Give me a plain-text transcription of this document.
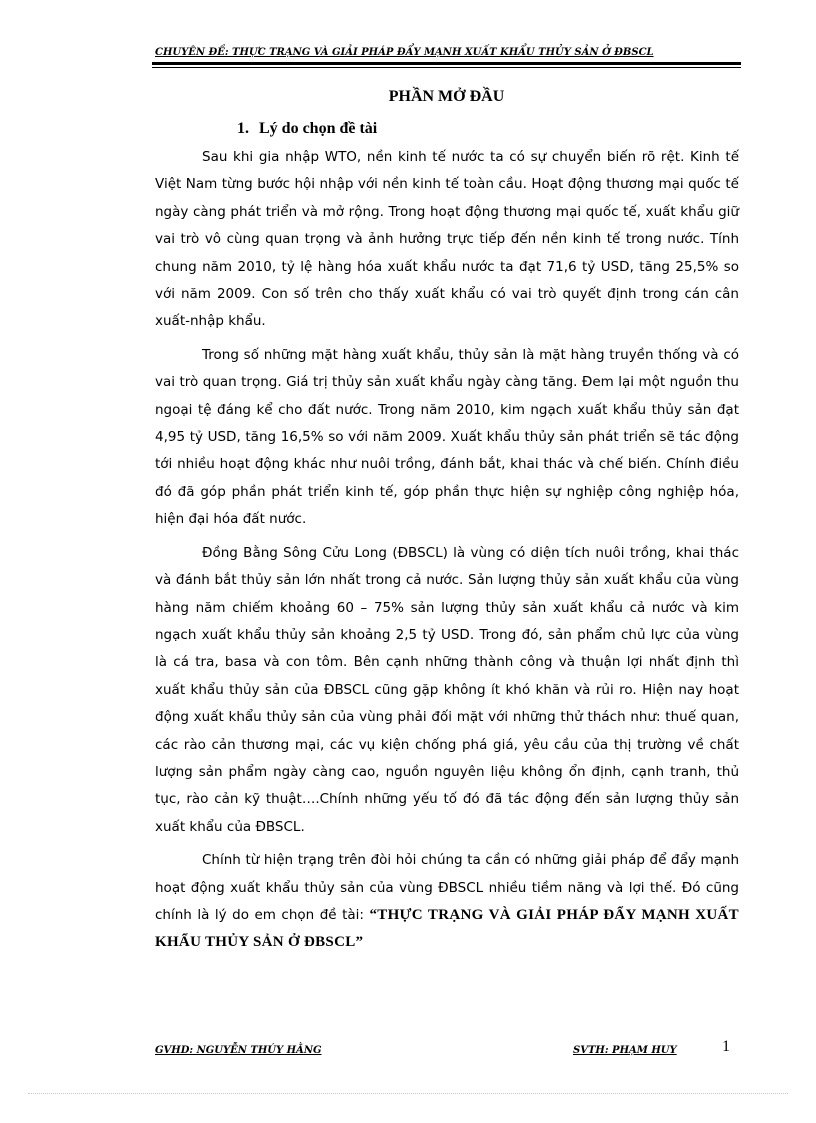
CHUYÊN ĐỀ: THỰC TRẠNG VÀ GIẢI PHÁP ĐẨY MẠNH XUẤT KHẨU THỦY SẢN Ở ĐBSCL
PHẦN MỞ ĐẦU
1. Lý do chọn đề tài

Sau khi gia nhập WTO, nền kinh tế nước ta có sự chuyển biến rõ rệt. Kinh tế Việt Nam từng bước hội nhập với nền kinh tế toàn cầu. Hoạt động thương mại quốc tế ngày càng phát triển và mở rộng. Trong hoạt động thương mại quốc tế, xuất khẩu giữ vai trò vô cùng quan trọng và ảnh hưởng trực tiếp đến nền kinh tế trong nước. Tính chung năm 2010, tỷ lệ hàng hóa xuất khẩu nước ta đạt 71,6 tỷ USD, tăng 25,5% so với năm 2009. Con số trên cho thấy xuất khẩu có vai trò quyết định trong cán cân xuất-nhập khẩu.

Trong số những mặt hàng xuất khẩu, thủy sản là mặt hàng truyền thống và có vai trò quan trọng. Giá trị thủy sản xuất khẩu ngày càng tăng. Đem lại một nguồn thu ngoại tệ đáng kể cho đất nước. Trong năm 2010, kim ngạch xuất khẩu thủy sản đạt 4,95 tỷ USD, tăng 16,5% so với năm 2009. Xuất khẩu thủy sản phát triển sẽ tác động tới nhiều hoạt động khác như nuôi trồng, đánh bắt, khai thác và chế biến. Chính điều đó đã góp phần phát triển kinh tế, góp phần thực hiện sự nghiệp công nghiệp hóa, hiện đại hóa đất nước.

Đồng Bằng Sông Cửu Long (ĐBSCL) là vùng có diện tích nuôi trồng, khai thác và đánh bắt thủy sản lớn nhất trong cả nước. Sản lượng thủy sản xuất khẩu của vùng hàng năm chiếm khoảng 60 – 75% sản lượng thủy sản xuất khẩu cả nước và kim ngạch xuất khẩu thủy sản khoảng 2,5 tỷ USD. Trong đó, sản phẩm chủ lực của vùng là cá tra, basa và con tôm. Bên cạnh những thành công và thuận lợi nhất định thì xuất khẩu thủy sản của ĐBSCL cũng gặp không ít khó khăn và rủi ro. Hiện nay hoạt động xuất khẩu thủy sản của vùng phải đối mặt với những thử thách như: thuế quan, các rào cản thương mại, các vụ kiện chống phá giá, yêu cầu của thị trường về chất lượng sản phẩm ngày càng cao, nguồn nguyên liệu không ổn định, cạnh tranh, thủ tục, rào cản kỹ thuật….Chính những yếu tố đó đã tác động đến sản lượng thủy sản xuất khẩu của ĐBSCL.

Chính từ hiện trạng trên đòi hỏi chúng ta cần có những giải pháp để đẩy mạnh hoạt động xuất khẩu thủy sản của vùng ĐBSCL nhiều tiềm năng và lợi thế. Đó cũng chính là lý do em chọn đề tài: “THỰC TRẠNG VÀ GIẢI PHÁP ĐẨY MẠNH XUẤT KHẨU THỦY SẢN Ở ĐBSCL”

GVHD: NGUYỄN THÚY HẰNG	SVTH: PHẠM HUY	1
